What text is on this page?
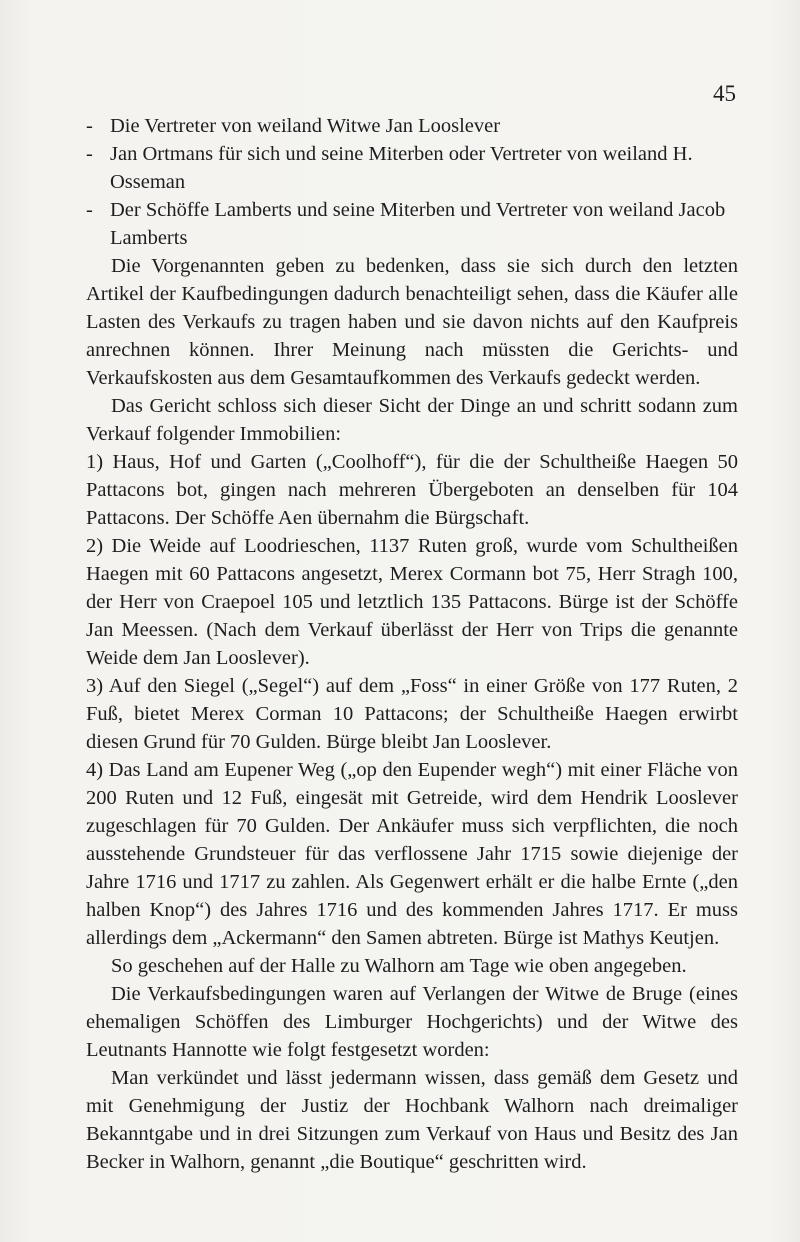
45
- Die Vertreter von weiland Witwe Jan Looslever
- Jan Ortmans für sich und seine Miterben oder Vertreter von weiland H. Osseman
- Der Schöffe Lamberts und seine Miterben und Vertreter von weiland Jacob Lamberts

Die Vorgenannten geben zu bedenken, dass sie sich durch den letzten Artikel der Kaufbedingungen dadurch benachteiligt sehen, dass die Käufer alle Lasten des Verkaufs zu tragen haben und sie davon nichts auf den Kaufpreis anrechnen können. Ihrer Meinung nach müssten die Gerichts- und Verkaufskosten aus dem Gesamtaufkommen des Verkaufs gedeckt werden.

Das Gericht schloss sich dieser Sicht der Dinge an und schritt sodann zum Verkauf folgender Immobilien:

1) Haus, Hof und Garten („Coolhoff“), für die der Schultheiße Haegen 50 Pattacons bot, gingen nach mehreren Übergeboten an denselben für 104 Pattacons. Der Schöffe Aen übernahm die Bürgschaft.

2) Die Weide auf Loodrieschen, 1137 Ruten groß, wurde vom Schultheißen Haegen mit 60 Pattacons angesetzt, Merex Cormann bot 75, Herr Stragh 100, der Herr von Craepoel 105 und letztlich 135 Pattacons. Bürge ist der Schöffe Jan Meessen. (Nach dem Verkauf überlässt der Herr von Trips die genannte Weide dem Jan Looslever).

3) Auf den Siegel („Segel“) auf dem „Foss“ in einer Größe von 177 Ruten, 2 Fuß, bietet Merex Corman 10 Pattacons; der Schultheiße Haegen erwirbt diesen Grund für 70 Gulden. Bürge bleibt Jan Looslever.

4) Das Land am Eupener Weg („op den Eupender wegh“) mit einer Fläche von 200 Ruten und 12 Fuß, eingesät mit Getreide, wird dem Hendrik Looslever zugeschlagen für 70 Gulden. Der Ankäufer muss sich verpflichten, die noch ausstehende Grundsteuer für das verflossene Jahr 1715 sowie diejenige der Jahre 1716 und 1717 zu zahlen. Als Gegenwert erhält er die halbe Ernte („den halben Knop“) des Jahres 1716 und des kommenden Jahres 1717. Er muss allerdings dem „Ackermann“ den Samen abtreten. Bürge ist Mathys Keutjen.

So geschehen auf der Halle zu Walhorn am Tage wie oben angegeben.

Die Verkaufsbedingungen waren auf Verlangen der Witwe de Bruge (eines ehemaligen Schöffen des Limburger Hochgerichts) und der Witwe des Leutnants Hannotte wie folgt festgesetzt worden:

Man verkündet und lässt jedermann wissen, dass gemäß dem Gesetz und mit Genehmigung der Justiz der Hochbank Walhorn nach dreimaliger Bekanntgabe und in drei Sitzungen zum Verkauf von Haus und Besitz des Jan Becker in Walhorn, genannt „die Boutique“ geschritten wird.
